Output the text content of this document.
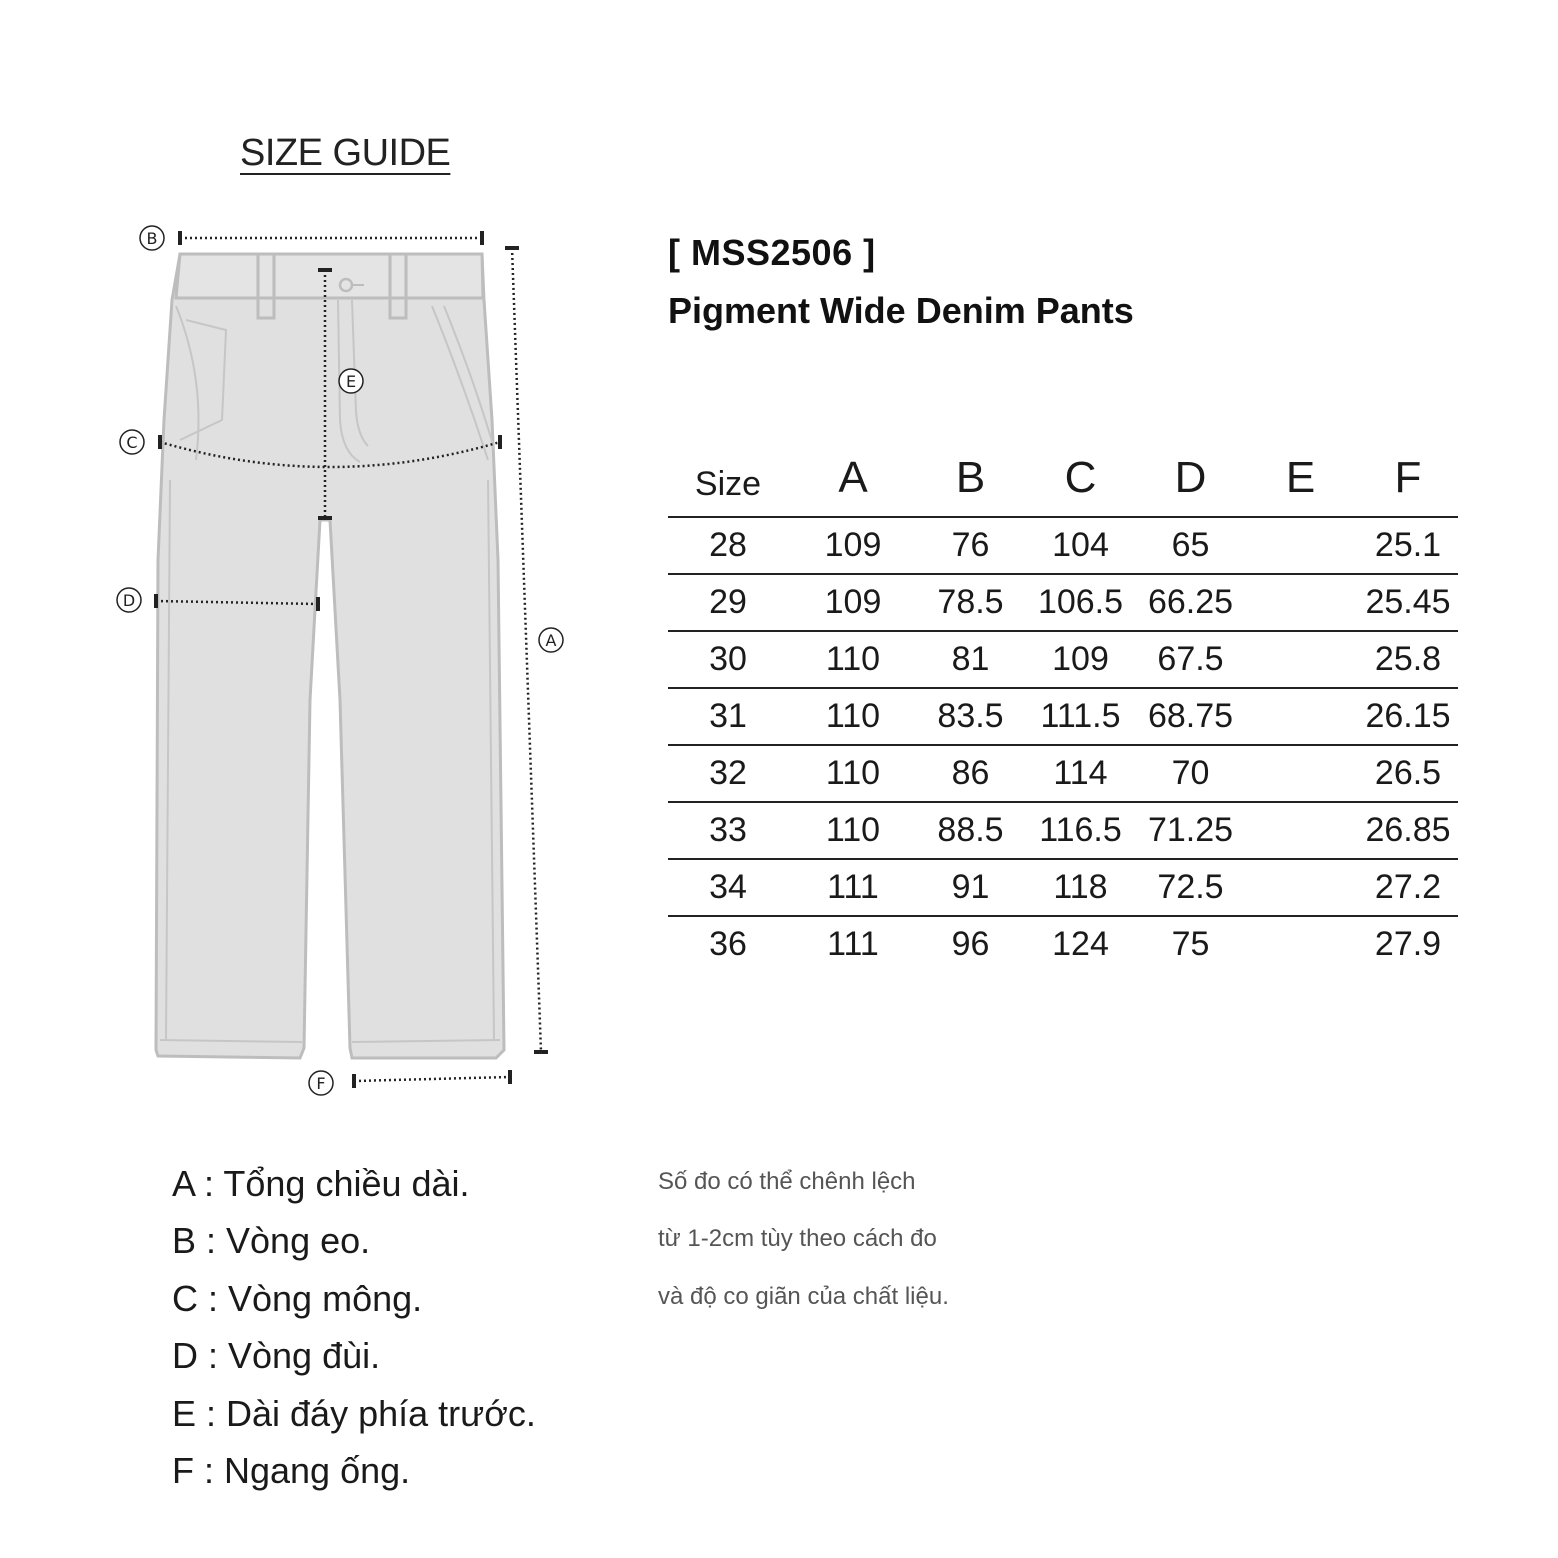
SIZE GUIDE
B
A
E
C
D
F
[ MSS2506 ]
Pigment Wide Denim Pants
Size	A	B	C	D	E	F
28	109	76	104	65		25.1
29	109	78.5	106.5	66.25		25.45
30	110	81	109	67.5		25.8
31	110	83.5	111.5	68.75		26.15
32	110	86	114	70		26.5
33	110	88.5	116.5	71.25		26.85
34	111	91	118	72.5		27.2
36	111	96	124	75		27.9
A : Tổng chiều dài.
B : Vòng eo.
C : Vòng mông.
D : Vòng đùi.
E : Dài đáy phía trước.
F : Ngang ống.
Số đo có thể chênh lệch
từ 1-2cm tùy theo cách đo
và độ co giãn của chất liệu.
